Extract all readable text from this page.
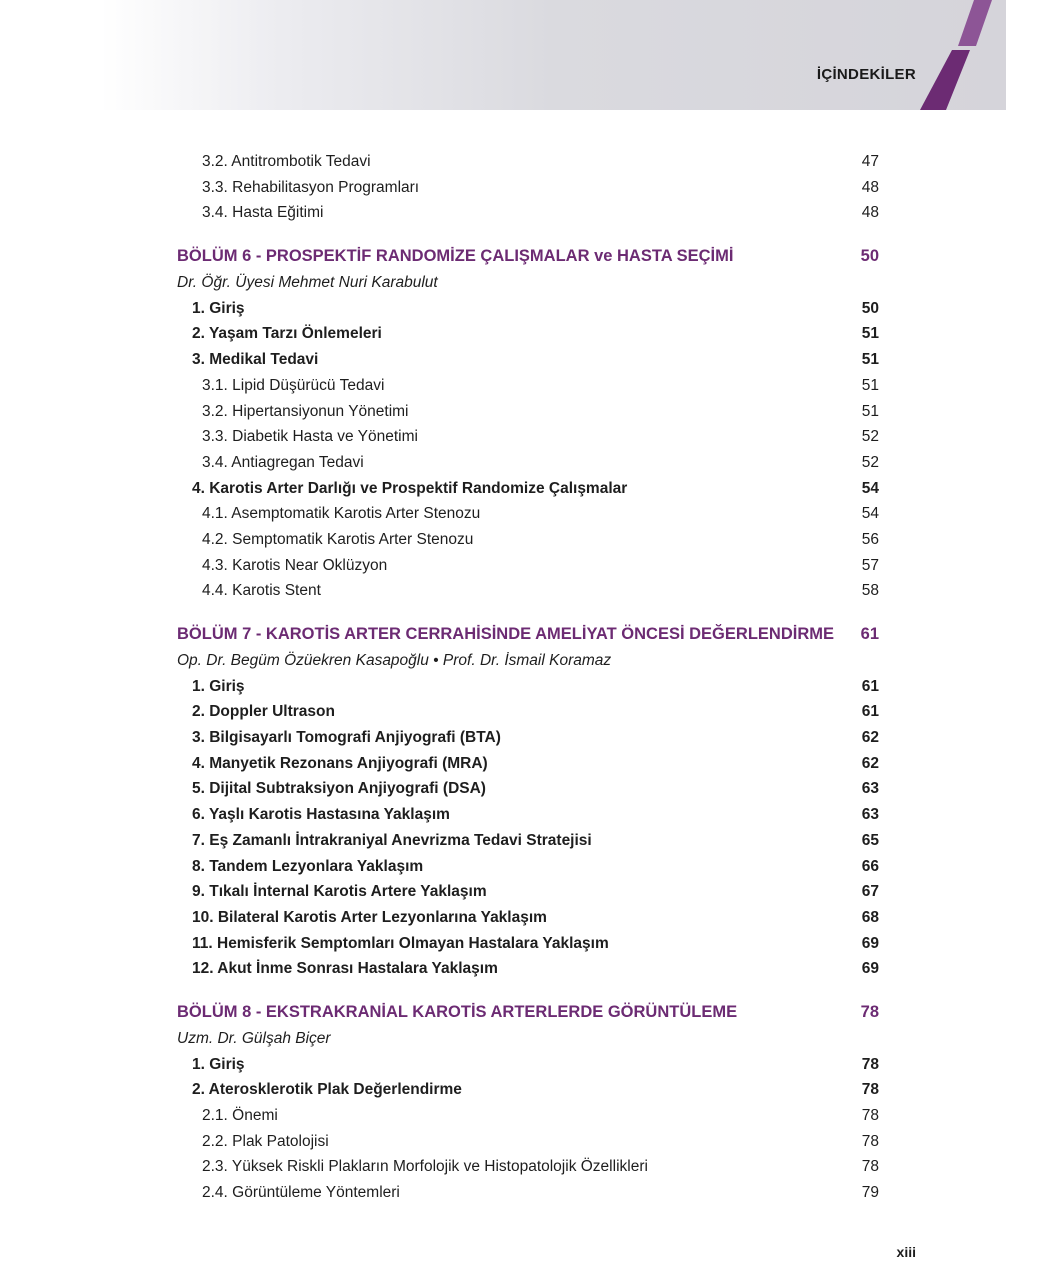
İÇİNDEKİLER
3.2. Antitrombotik Tedavi	47
3.3. Rehabilitasyon Programları	48
3.4. Hasta Eğitimi	48
BÖLÜM 6 - PROSPEKTİF RANDOMİZE ÇALIŞMALAR ve HASTA SEÇİMİ	50
Dr. Öğr. Üyesi Mehmet Nuri Karabulut
1. Giriş	50
2. Yaşam Tarzı Önlemeleri	51
3. Medikal Tedavi	51
3.1. Lipid Düşürücü Tedavi	51
3.2. Hipertansiyonun Yönetimi	51
3.3. Diabetik Hasta ve Yönetimi	52
3.4. Antiagregan Tedavi	52
4. Karotis Arter Darlığı ve Prospektif Randomize Çalışmalar	54
4.1. Asemptomatik Karotis Arter Stenozu	54
4.2. Semptomatik Karotis Arter Stenozu	56
4.3. Karotis Near Oklüzyon	57
4.4. Karotis Stent	58
BÖLÜM 7 - KAROTİS ARTER CERRAHİSİNDE AMELİYAT ÖNCESİ DEĞERLENDİRME 61
Op. Dr. Begüm Özüekren Kasapoğlu • Prof. Dr. İsmail Koramaz
1. Giriş	61
2. Doppler Ultrason	61
3. Bilgisayarlı Tomografi Anjiyografi (BTA)	62
4. Manyetik Rezonans Anjiyografi (MRA)	62
5. Dijital Subtraksiyon Anjiyografi (DSA)	63
6. Yaşlı Karotis Hastasına Yaklaşım	63
7. Eş Zamanlı İntrakraniyal Anevrizma Tedavi Stratejisi	65
8. Tandem Lezyonlara Yaklaşım	66
9. Tıkalı İnternal Karotis Artere Yaklaşım	67
10. Bilateral Karotis Arter Lezyonlarına Yaklaşım	68
11. Hemisferik Semptomları Olmayan Hastalara Yaklaşım	69
12. Akut İnme Sonrası Hastalara Yaklaşım	69
BÖLÜM 8 - EKSTRAKRANİAL KAROTİS ARTERLERDE GÖRÜNTÜLEME	78
Uzm. Dr. Gülşah Biçer
1. Giriş	78
2. Aterosklerotik Plak Değerlendirme	78
2.1. Önemi	78
2.2. Plak Patolojisi	78
2.3. Yüksek Riskli Plakların Morfolojik ve Histopatolojik Özellikleri	78
2.4. Görüntüleme Yöntemleri	79
xiii
